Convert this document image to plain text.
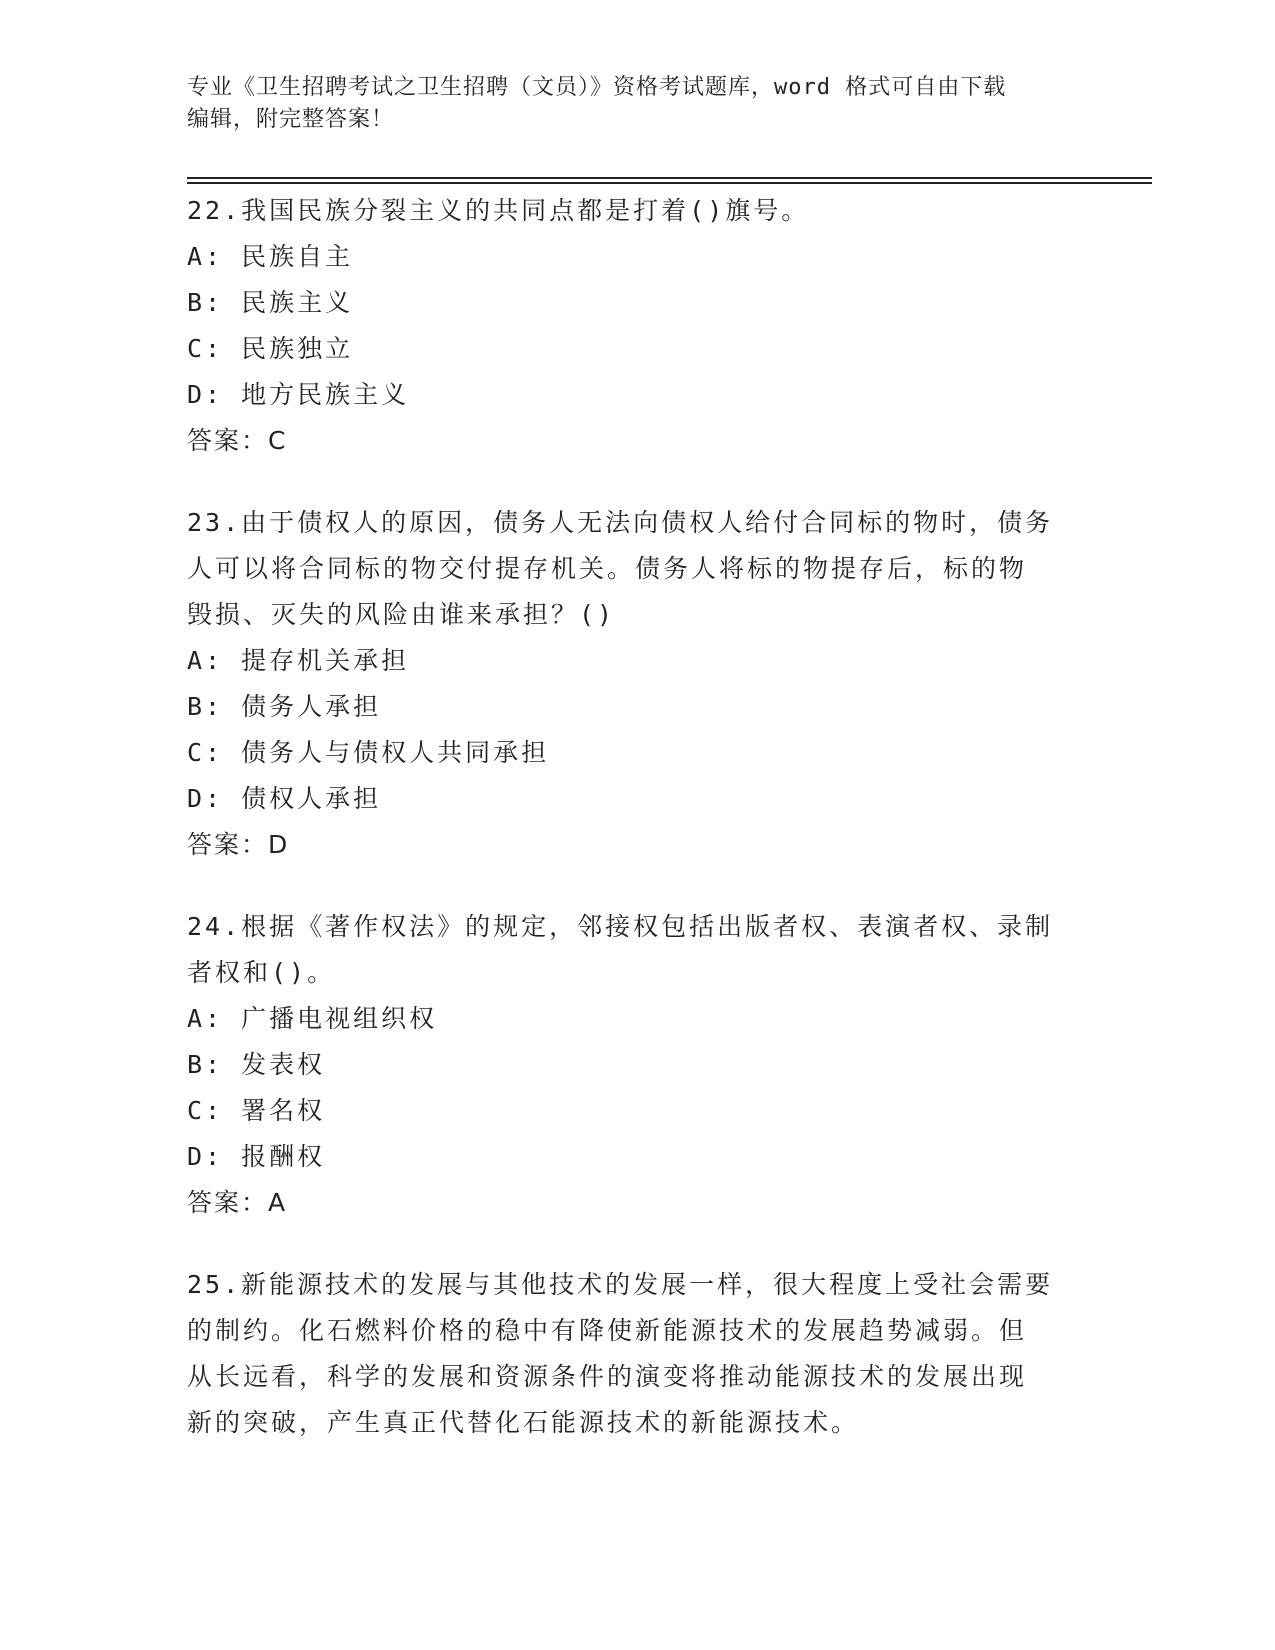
专业《卫生招聘考试之卫生招聘（文员）》资格考试题库，word 格式可自由下载
编辑，附完整答案！
22.我国民族分裂主义的共同点都是打着()旗号。
A: 民族自主
B: 民族主义
C: 民族独立
D: 地方民族主义
答案：C
23.由于债权人的原因，债务人无法向债权人给付合同标的物时，债务
人可以将合同标的物交付提存机关。债务人将标的物提存后，标的物
毁损、灭失的风险由谁来承担？()
A: 提存机关承担
B: 债务人承担
C: 债务人与债权人共同承担
D: 债权人承担
答案：D
24.根据《著作权法》的规定，邻接权包括出版者权、表演者权、录制
者权和()。
A: 广播电视组织权
B: 发表权
C: 署名权
D: 报酬权
答案：A
25.新能源技术的发展与其他技术的发展一样，很大程度上受社会需要
的制约。化石燃料价格的稳中有降使新能源技术的发展趋势减弱。但
从长远看，科学的发展和资源条件的演变将推动能源技术的发展出现
新的突破，产生真正代替化石能源技术的新能源技术。
